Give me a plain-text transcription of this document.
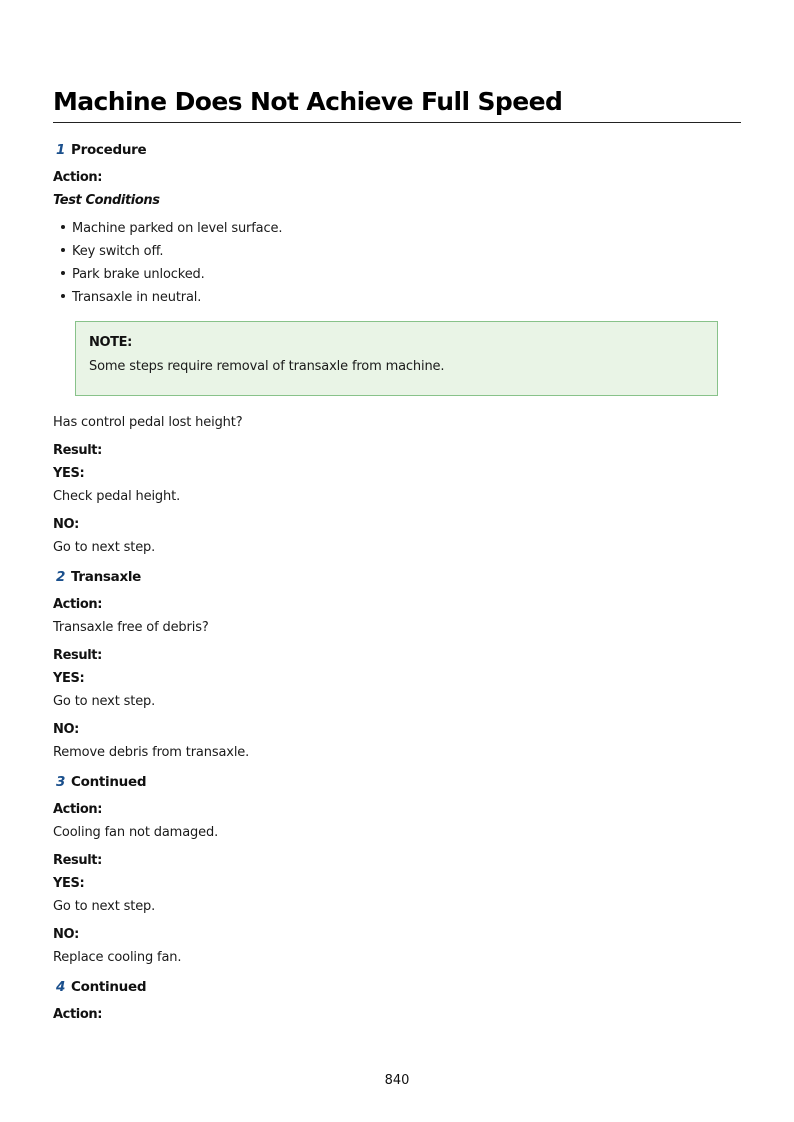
Machine Does Not Achieve Full Speed
1 Procedure
Action:
Test Conditions
Machine parked on level surface.
Key switch off.
Park brake unlocked.
Transaxle in neutral.
NOTE:
Some steps require removal of transaxle from machine.
Has control pedal lost height?
Result:
YES:
Check pedal height.
NO:
Go to next step.
2 Transaxle
Action:
Transaxle free of debris?
Result:
YES:
Go to next step.
NO:
Remove debris from transaxle.
3 Continued
Action:
Cooling fan not damaged.
Result:
YES:
Go to next step.
NO:
Replace cooling fan.
4 Continued
Action:
840
